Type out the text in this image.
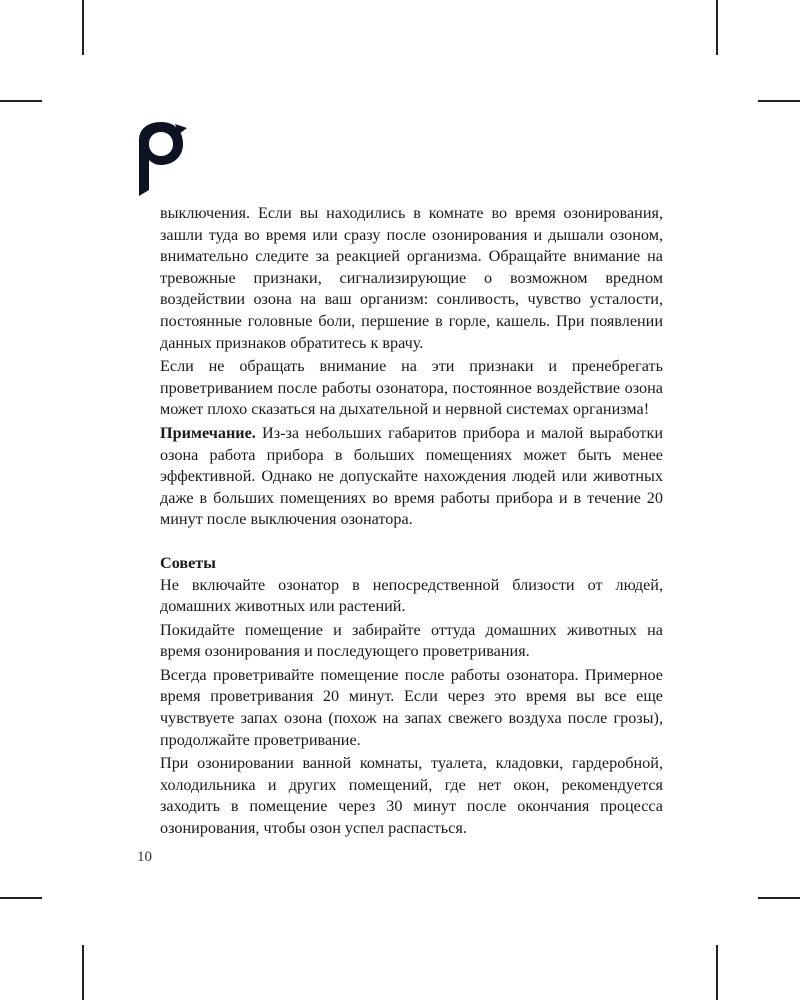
выключения. Если вы находились в комнате во время озонирования, зашли туда во время или сразу после озонирования и дышали озоном, внимательно следите за реакцией организма. Обращайте внимание на тревожные признаки, сигнализирующие о возможном вредном воздействии озона на ваш организм: сонливость, чувство усталости, постоянные головные боли, першение в горле, кашель. При появлении данных признаков обратитесь к врачу.

Если не обращать внимание на эти признаки и пренебрегать проветриванием после работы озонатора, постоянное воздействие озона может плохо сказаться на дыхательной и нервной системах организма!

Примечание. Из-за небольших габаритов прибора и малой выработки озона работа прибора в больших помещениях может быть менее эффективной. Однако не допускайте нахождения людей или животных даже в больших помещениях во время работы прибора и в течение 20 минут после выключения озонатора.

Советы

Не включайте озонатор в непосредственной близости от людей, домашних животных или растений.

Покидайте помещение и забирайте оттуда домашних животных на время озонирования и последующего проветривания.

Всегда проветривайте помещение после работы озонатора. Примерное время проветривания 20 минут. Если через это время вы все еще чувствуете запах озона (похож на запах свежего воздуха после грозы), продолжайте проветривание.

При озонировании ванной комнаты, туалета, кладовки, гардеробной, холодильника и других помещений, где нет окон, рекомендуется заходить в помещение через 30 минут после окончания процесса озонирования, чтобы озон успел распасться.

10
